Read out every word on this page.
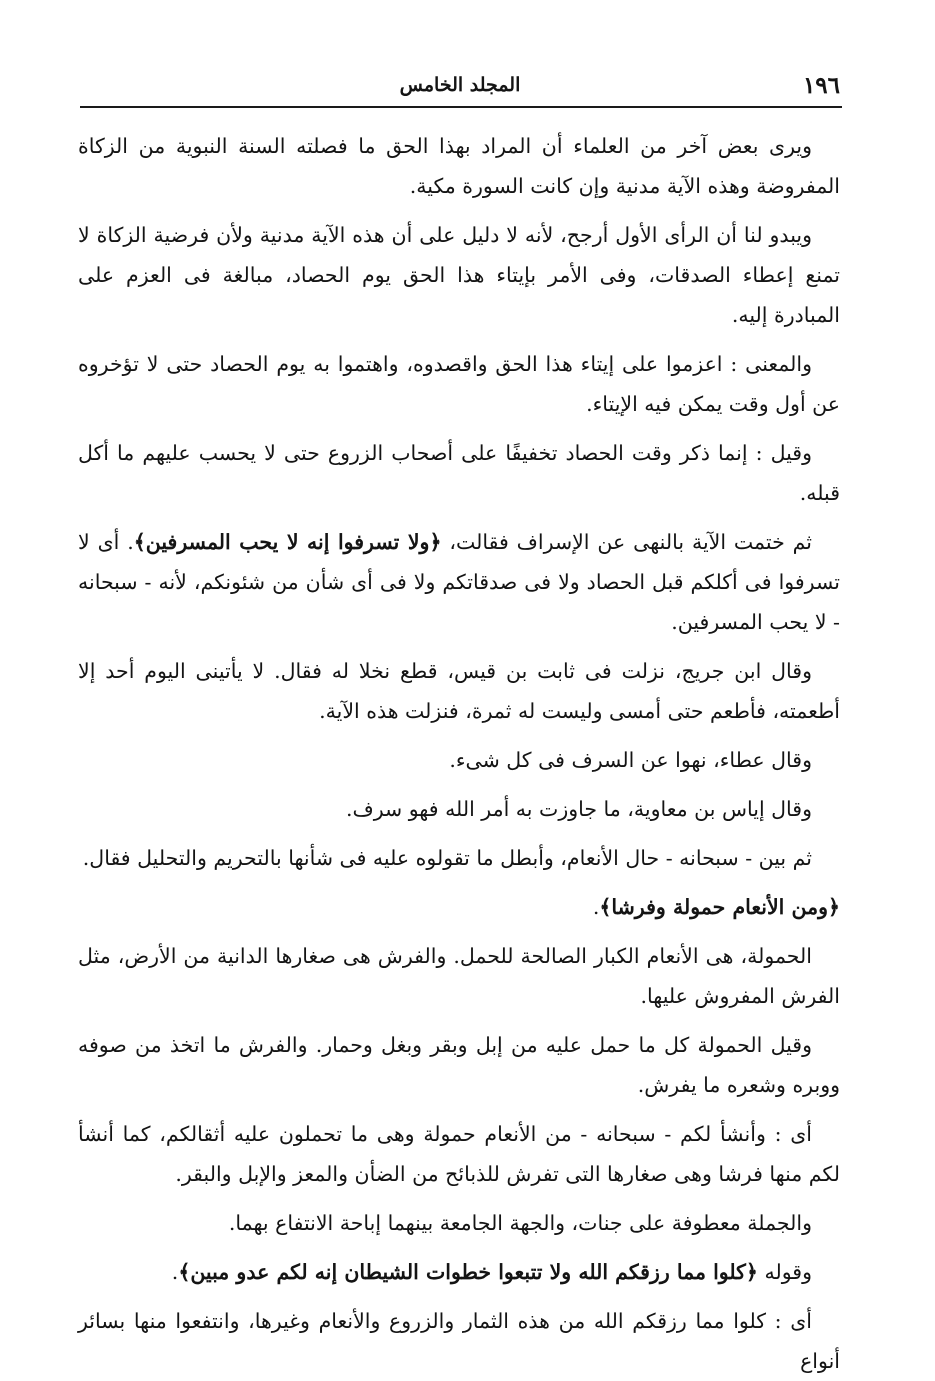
١٩٦
المجلد الخامس

ويرى بعض آخر من العلماء أن المراد بهذا الحق ما فصلته السنة النبوية من الزكاة المفروضة وهذه الآية مدنية وإن كانت السورة مكية.

ويبدو لنا أن الرأى الأول أرجح، لأنه لا دليل على أن هذه الآية مدنية ولأن فرضية الزكاة لا تمنع إعطاء الصدقات، وفى الأمر بإيتاء هذا الحق يوم الحصاد، مبالغة فى العزم على المبادرة إليه.

والمعنى : اعزموا على إيتاء هذا الحق واقصدوه، واهتموا به يوم الحصاد حتى لا تؤخروه عن أول وقت يمكن فيه الإيتاء.

وقيل : إنما ذكر وقت الحصاد تخفيفًا على أصحاب الزروع حتى لا يحسب عليهم ما أكل قبله.

ثم ختمت الآية بالنهى عن الإسراف فقالت، ﴿ولا تسرفوا إنه لا يحب المسرفين﴾. أى لا تسرفوا فى أكلكم قبل الحصاد ولا فى صدقاتكم ولا فى أى شأن من شئونكم، لأنه - سبحانه - لا يحب المسرفين.

وقال ابن جريج، نزلت فى ثابت بن قيس، قطع نخلا له فقال. لا يأتينى اليوم أحد إلا أطعمته، فأطعم حتى أمسى وليست له ثمرة، فنزلت هذه الآية.

وقال عطاء، نهوا عن السرف فى كل شىء.

وقال إياس بن معاوية، ما جاوزت به أمر الله فهو سرف.

ثم بين - سبحانه - حال الأنعام، وأبطل ما تقولوه عليه فى شأنها بالتحريم والتحليل فقال.

﴿ومن الأنعام حمولة وفرشا﴾.

الحمولة، هى الأنعام الكبار الصالحة للحمل. والفرش هى صغارها الدانية من الأرض، مثل الفرش المفروش عليها.

وقيل الحمولة كل ما حمل عليه من إبل وبقر وبغل وحمار. والفرش ما اتخذ من صوفه ووبره وشعره ما يفرش.

أى : وأنشأ لكم - سبحانه - من الأنعام حمولة وهى ما تحملون عليه أثقالكم، كما أنشأ لكم منها فرشا وهى صغارها التى تفرش للذبائح من الضأن والمعز والإبل والبقر.

والجملة معطوفة على جنات، والجهة الجامعة بينهما إباحة الانتفاع بهما.

وقوله ﴿كلوا مما رزقكم الله ولا تتبعوا خطوات الشيطان إنه لكم عدو مبين﴾.

أى : كلوا مما رزقكم الله من هذه الثمار والزروع والأنعام وغيرها، وانتفعوا منها بسائر أنواع
